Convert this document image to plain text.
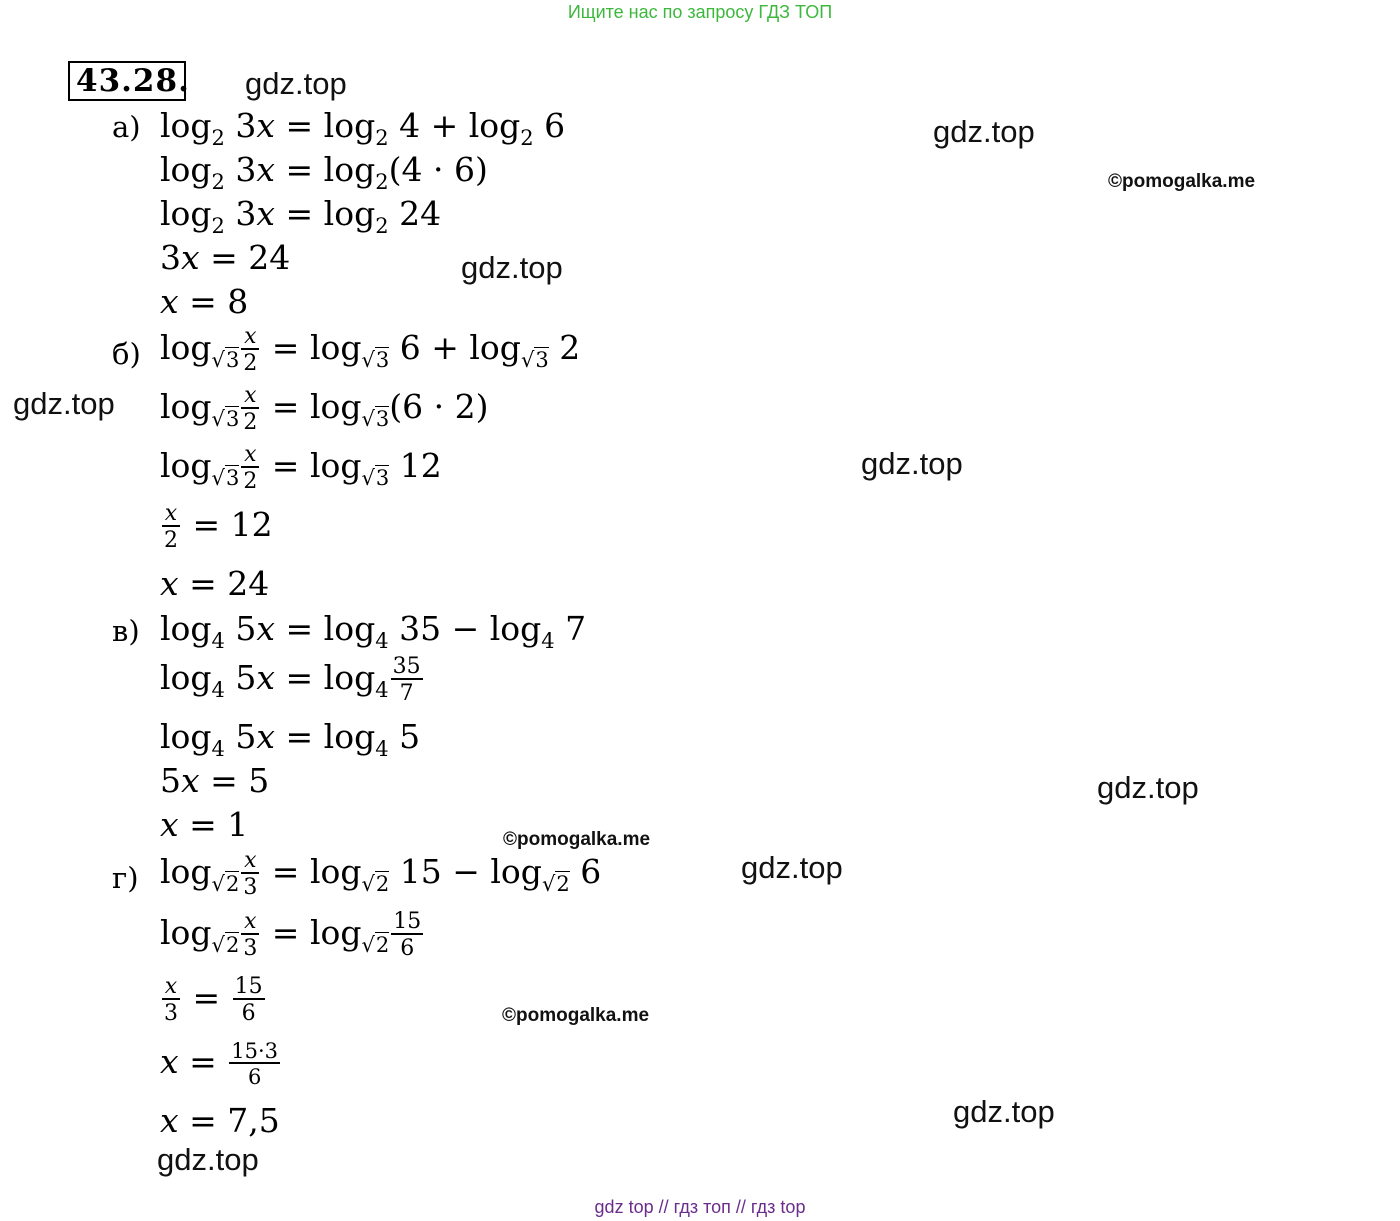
Ищите нас по запросу ГДЗ ТОП
43.28. gdz.top
gdz.top
gdz.top
gdz.top
gdz.top
gdz.top
gdz.top
gdz.top
gdz.top
©pomogalka.me
©pomogalka.me
©pomogalka.me
а) $\log_2 3x = \log_2 4 + \log_2 6$
$\log_2 3x = \log_2(4 \cdot 6)$
$\log_2 3x = \log_2 24$
3x = 24
x = 8
б) $\log_{√3} \frac{x}{2} = \log_{√3} 6 + \log_{√3} 2$
$\log_{√3} \frac{x}{2} = \log_{√3}(6 \cdot 2)$
$\log_{√3} \frac{x}{2} = \log_{√3} 12$
$\frac{x}{2} = 12$
x = 24
в) $\log_4 5x = \log_4 35 - \log_4 7$
$\log_4 5x = \log_4 \frac{35}{7}$
$\log_4 5x = \log_4 5$
5x = 5
x = 1
г) $\log_{√2} \frac{x}{3} = \log_{√2} 15 - \log_{√2} 6$
$\log_{√2} \frac{x}{3} = \log_{√2} \frac{15}{6}$
$\frac{x}{3} = \frac{15}{6}$
$x = \frac{15\cdot 3}{6}$
x = 7,5
gdz top // гдз топ // гдз top
